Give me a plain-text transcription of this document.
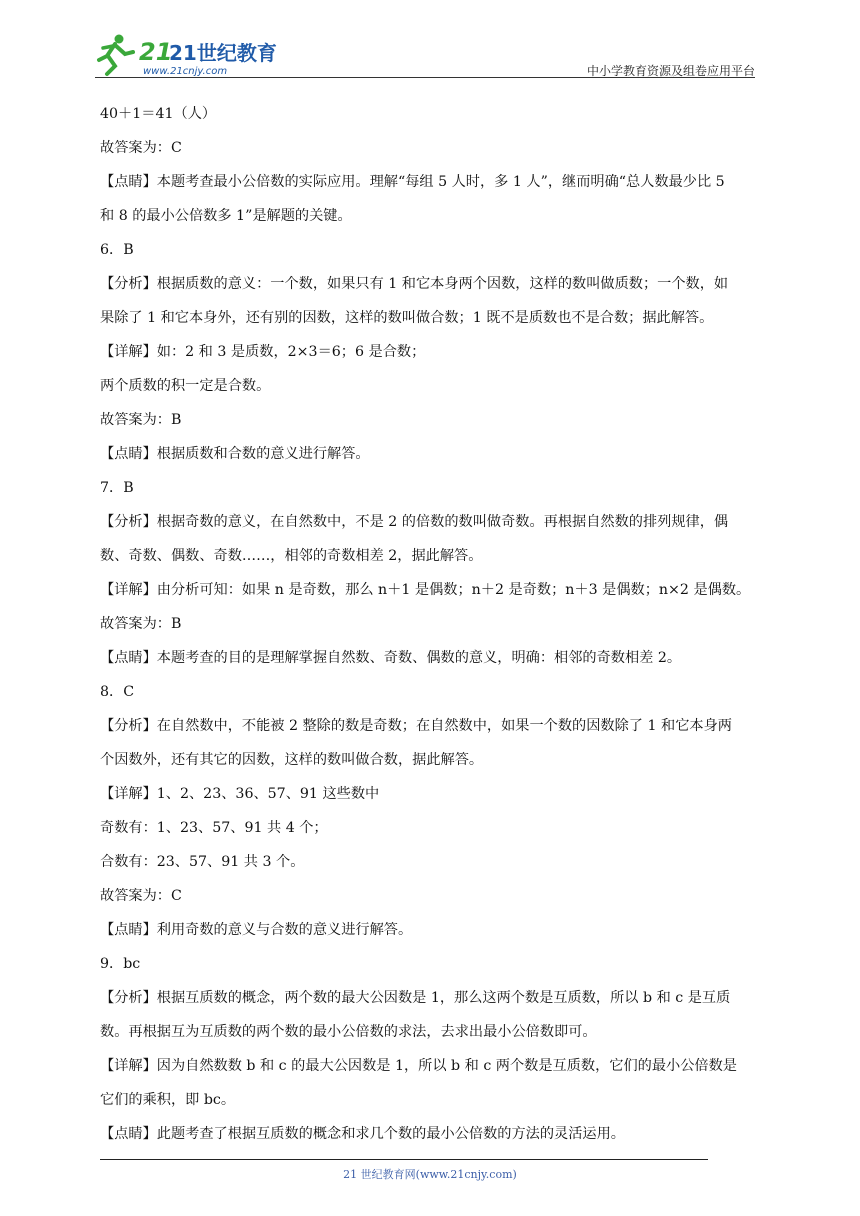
21
21世纪教育
www.21cnjy.com	中小学教育资源及组卷应用平台
40＋1＝41（人）
故答案为：C
【点睛】本题考查最小公倍数的实际应用。理解“每组 5 人时，多 1 人”，继而明确“总人数最少比 5
和 8 的最小公倍数多 1”是解题的关键。
6．B
【分析】根据质数的意义：一个数，如果只有 1 和它本身两个因数，这样的数叫做质数；一个数，如
果除了 1 和它本身外，还有别的因数，这样的数叫做合数；1 既不是质数也不是合数；据此解答。
【详解】如：2 和 3 是质数，2×3＝6；6 是合数；
两个质数的积一定是合数。
故答案为：B
【点睛】根据质数和合数的意义进行解答。
7．B
【分析】根据奇数的意义，在自然数中，不是 2 的倍数的数叫做奇数。再根据自然数的排列规律，偶
数、奇数、偶数、奇数……，相邻的奇数相差 2，据此解答。
【详解】由分析可知：如果 n 是奇数，那么 n＋1 是偶数；n＋2 是奇数；n＋3 是偶数；n×2 是偶数。
故答案为：B
【点睛】本题考查的目的是理解掌握自然数、奇数、偶数的意义，明确：相邻的奇数相差 2。
8．C
【分析】在自然数中，不能被 2 整除的数是奇数；在自然数中，如果一个数的因数除了 1 和它本身两
个因数外，还有其它的因数，这样的数叫做合数，据此解答。
【详解】1、2、23、36、57、91 这些数中
奇数有：1、23、57、91 共 4 个；
合数有：23、57、91 共 3 个。
故答案为：C
【点睛】利用奇数的意义与合数的意义进行解答。
9．bc
【分析】根据互质数的概念，两个数的最大公因数是 1，那么这两个数是互质数，所以 b 和 c 是互质
数。再根据互为互质数的两个数的最小公倍数的求法，去求出最小公倍数即可。
【详解】因为自然数数 b 和 c 的最大公因数是 1，所以 b 和 c 两个数是互质数，它们的最小公倍数是
它们的乘积，即 bc。
【点睛】此题考查了根据互质数的概念和求几个数的最小公倍数的方法的灵活运用。
21 世纪教育网(www.21cnjy.com)
